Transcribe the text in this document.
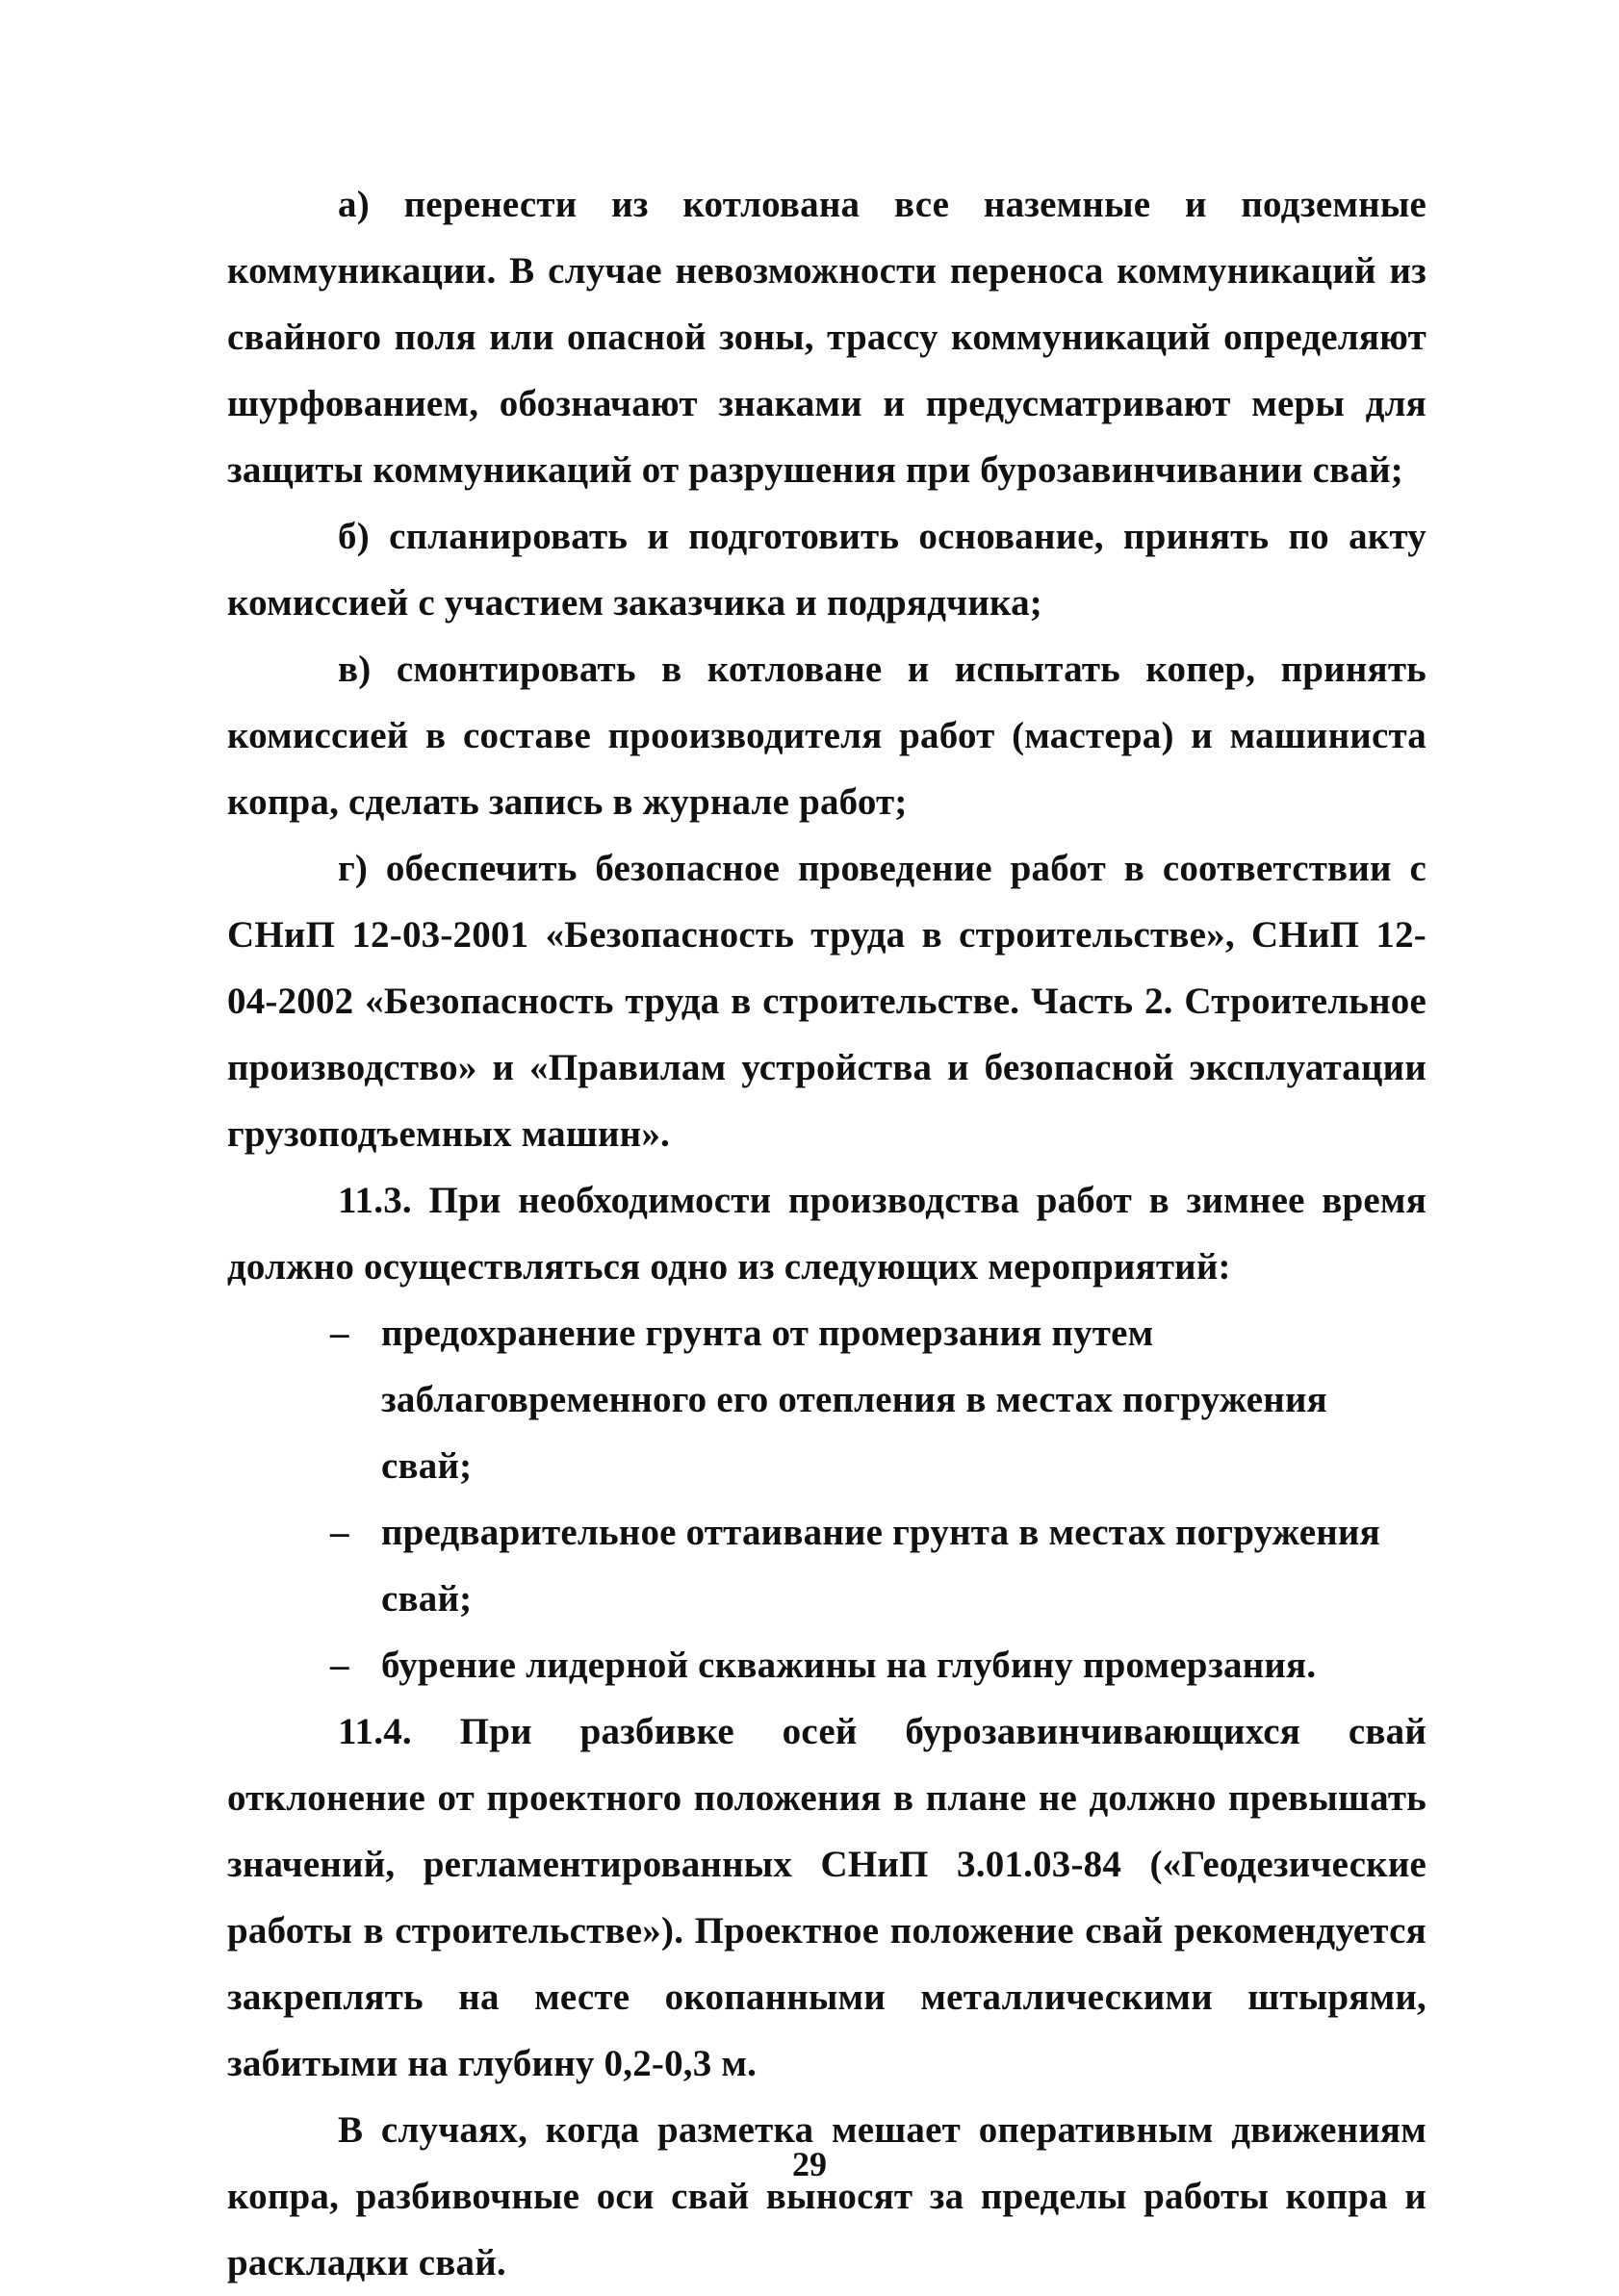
а) перенести из котлована все наземные и подземные коммуникации. В случае невозможности переноса коммуникаций из свайного поля или опасной зоны, трассу коммуникаций определяют шурфованием, обозначают знаками и предусматривают меры для защиты коммуникаций от разрушения при бурозавинчивании свай;

б) спланировать и подготовить основание, принять по акту комиссией с участием заказчика и подрядчика;

в) смонтировать в котловане и испытать копер, принять комиссией в составе прооизводителя работ (мастера) и машиниста копра, сделать запись в журнале работ;

г) обеспечить безопасное проведение работ в соответствии с СНиП 12-03-2001 «Безопасность труда в строительстве», СНиП 12-04-2002 «Безопасность труда в строительстве. Часть 2. Строительное производство» и «Правилам устройства и безопасной эксплуатации грузоподъемных машин».

11.3. При необходимости производства работ в зимнее время должно осуществляться одно из следующих мероприятий:

– предохранение грунта от промерзания путем заблаговременного его отепления в местах погружения свай;
– предварительное оттаивание грунта в местах погружения свай;
– бурение лидерной скважины на глубину промерзания.

11.4. При разбивке осей бурозавинчивающихся свай отклонение от проектного положения в плане не должно превышать значений, регламентированных СНиП 3.01.03-84 («Геодезические работы в строительстве»). Проектное положение свай рекомендуется закреплять на месте окопанными металлическими штырями, забитыми на глубину 0,2-0,3 м.

В случаях, когда разметка мешает оперативным движениям копра, разбивочные оси свай выносят за пределы работы копра и раскладки свай.

29
